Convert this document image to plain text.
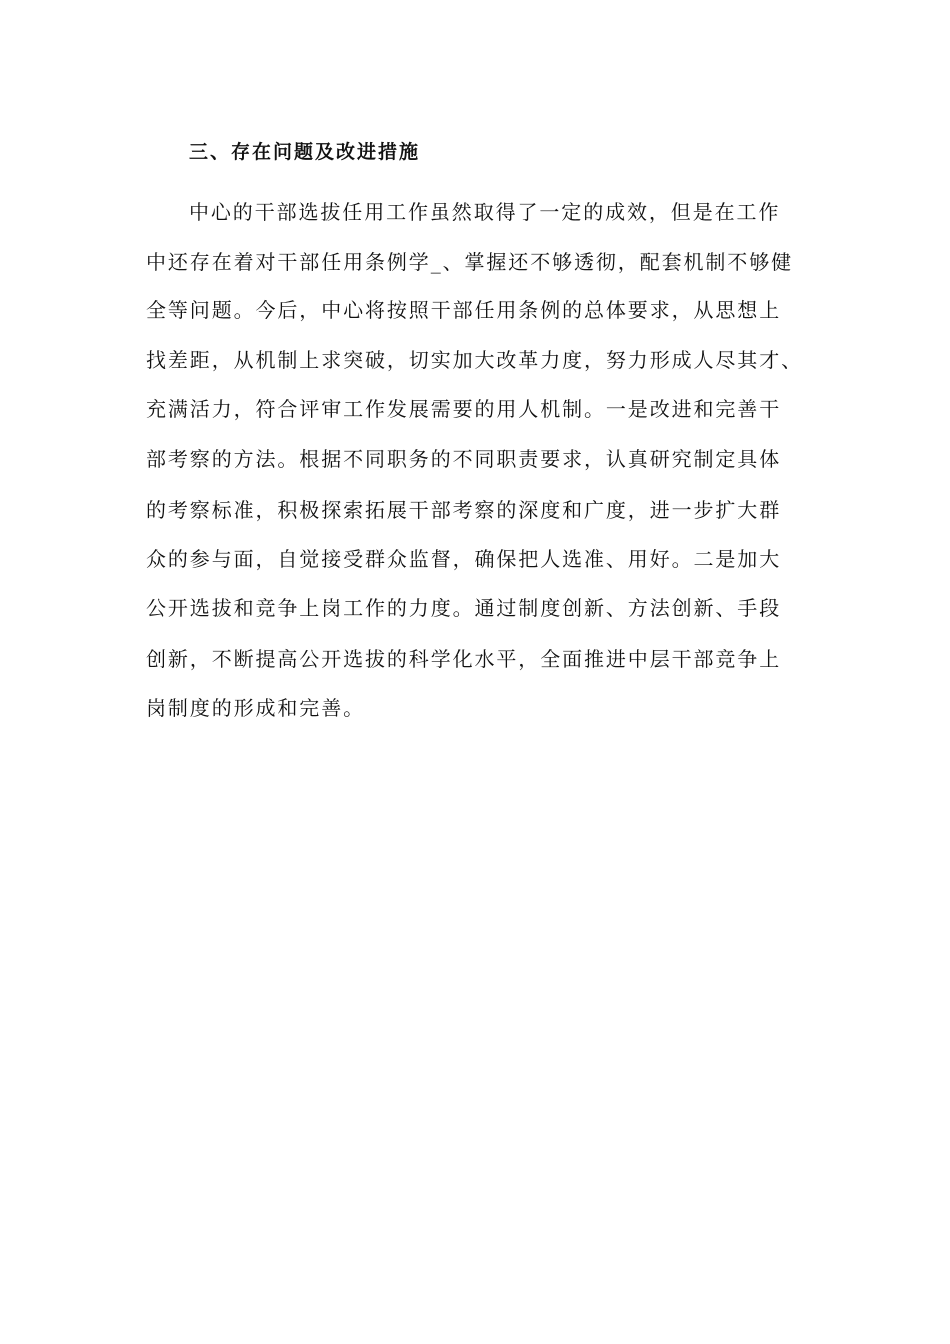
三、存在问题及改进措施
中心的干部选拔任用工作虽然取得了一定的成效，但是在工作
中还存在着对干部任用条例学_、掌握还不够透彻，配套机制不够健
全等问题。今后，中心将按照干部任用条例的总体要求，从思想上
找差距，从机制上求突破，切实加大改革力度，努力形成人尽其才、
充满活力，符合评审工作发展需要的用人机制。一是改进和完善干
部考察的方法。根据不同职务的不同职责要求，认真研究制定具体
的考察标准，积极探索拓展干部考察的深度和广度，进一步扩大群
众的参与面，自觉接受群众监督，确保把人选准、用好。二是加大
公开选拔和竞争上岗工作的力度。通过制度创新、方法创新、手段
创新，不断提高公开选拔的科学化水平，全面推进中层干部竞争上
岗制度的形成和完善。
